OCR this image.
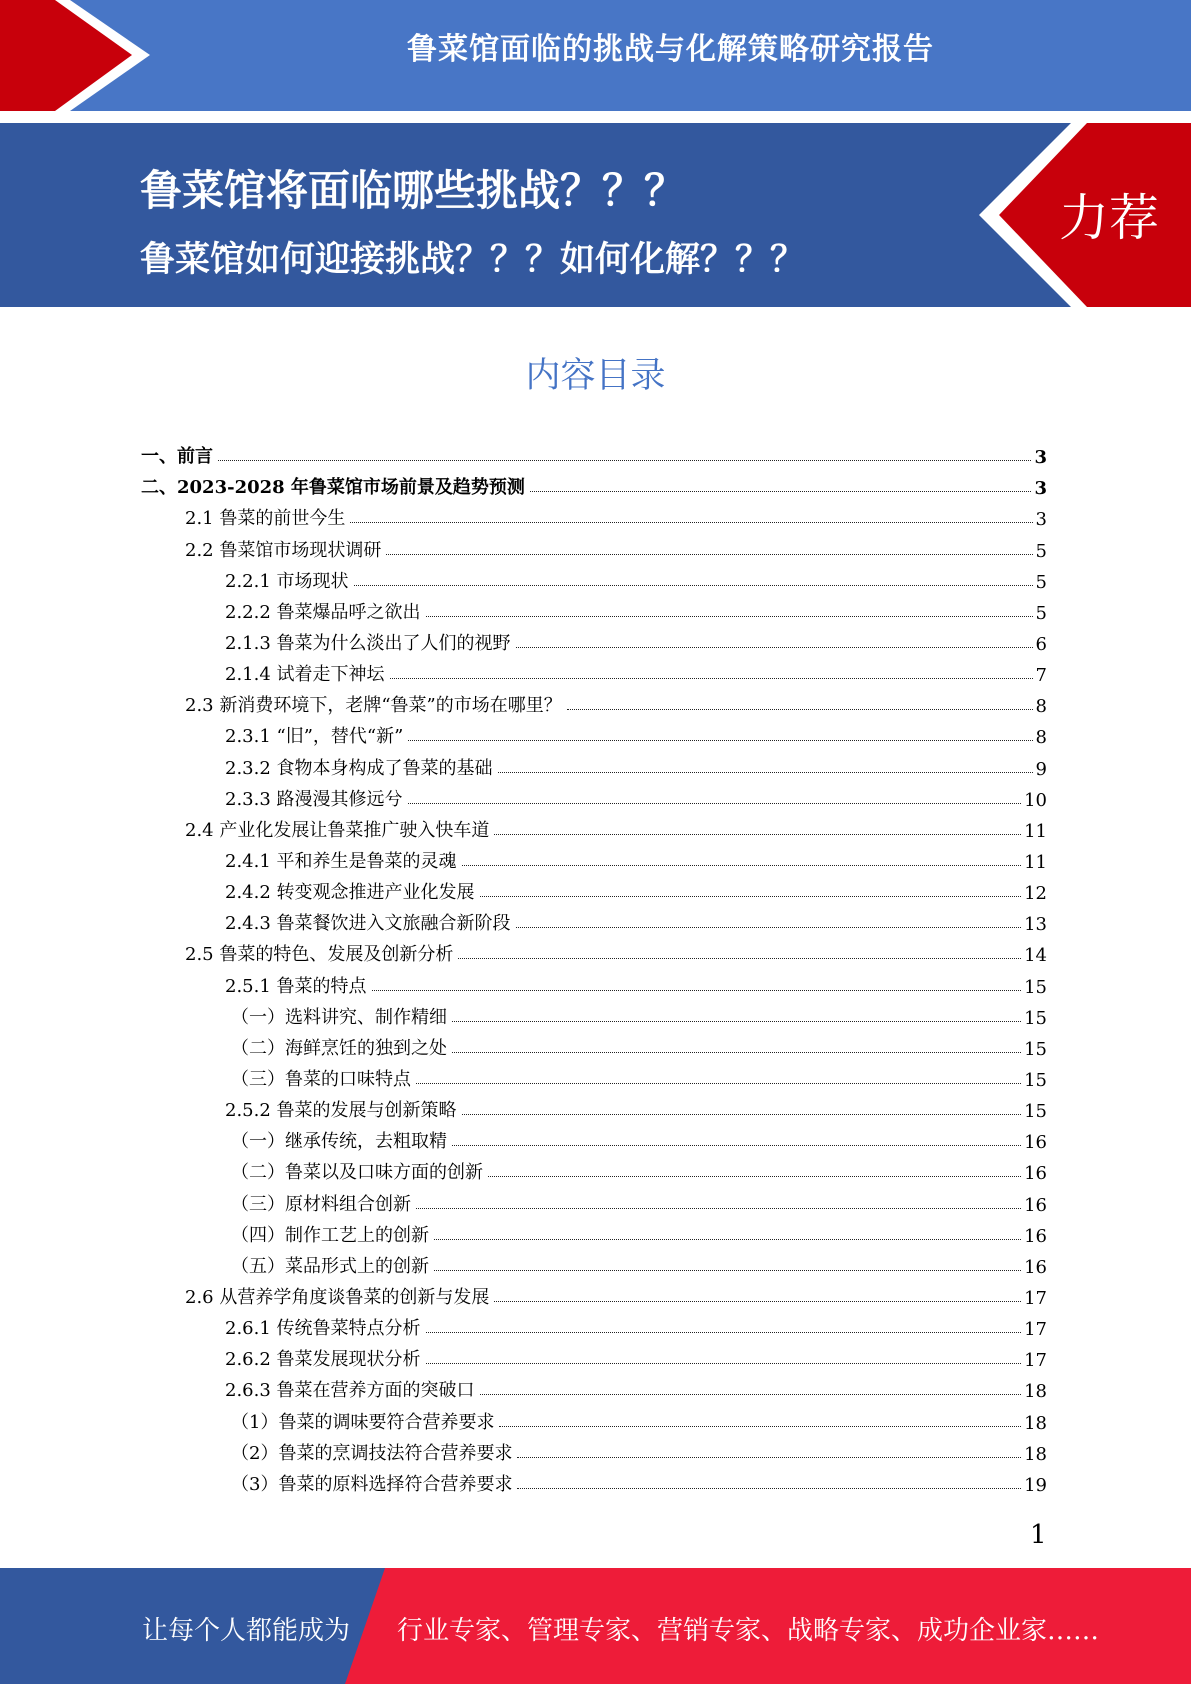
鲁菜馆面临的挑战与化解策略研究报告
鲁菜馆将面临哪些挑战？？？
鲁菜馆如何迎接挑战？？？如何化解？？？
力荐
内容目录
一、前言	3
二、2023-2028 年鲁菜馆市场前景及趋势预测	3
2.1 鲁菜的前世今生	3
2.2 鲁菜馆市场现状调研	5
2.2.1 市场现状	5
2.2.2 鲁菜爆品呼之欲出	5
2.1.3 鲁菜为什么淡出了人们的视野	6
2.1.4 试着走下神坛	7
2.3 新消费环境下，老牌“鲁菜”的市场在哪里？	8
2.3.1 “旧”，替代“新”	8
2.3.2 食物本身构成了鲁菜的基础	9
2.3.3 路漫漫其修远兮	10
2.4 产业化发展让鲁菜推广驶入快车道	11
2.4.1 平和养生是鲁菜的灵魂	11
2.4.2 转变观念推进产业化发展	12
2.4.3 鲁菜餐饮进入文旅融合新阶段	13
2.5 鲁菜的特色、发展及创新分析	14
2.5.1 鲁菜的特点	15
（一）选料讲究、制作精细	15
（二）海鲜烹饪的独到之处	15
（三）鲁菜的口味特点	15
2.5.2 鲁菜的发展与创新策略	15
（一）继承传统，去粗取精	16
（二）鲁菜以及口味方面的创新	16
（三）原材料组合创新	16
（四）制作工艺上的创新	16
（五）菜品形式上的创新	16
2.6 从营养学角度谈鲁菜的创新与发展	17
2.6.1 传统鲁菜特点分析	17
2.6.2 鲁菜发展现状分析	17
2.6.3 鲁菜在营养方面的突破口	18
（1）鲁菜的调味要符合营养要求	18
（2）鲁菜的烹调技法符合营养要求	18
（3）鲁菜的原料选择符合营养要求	19
1
让每个人都能成为 行业专家、管理专家、营销专家、战略专家、成功企业家……
